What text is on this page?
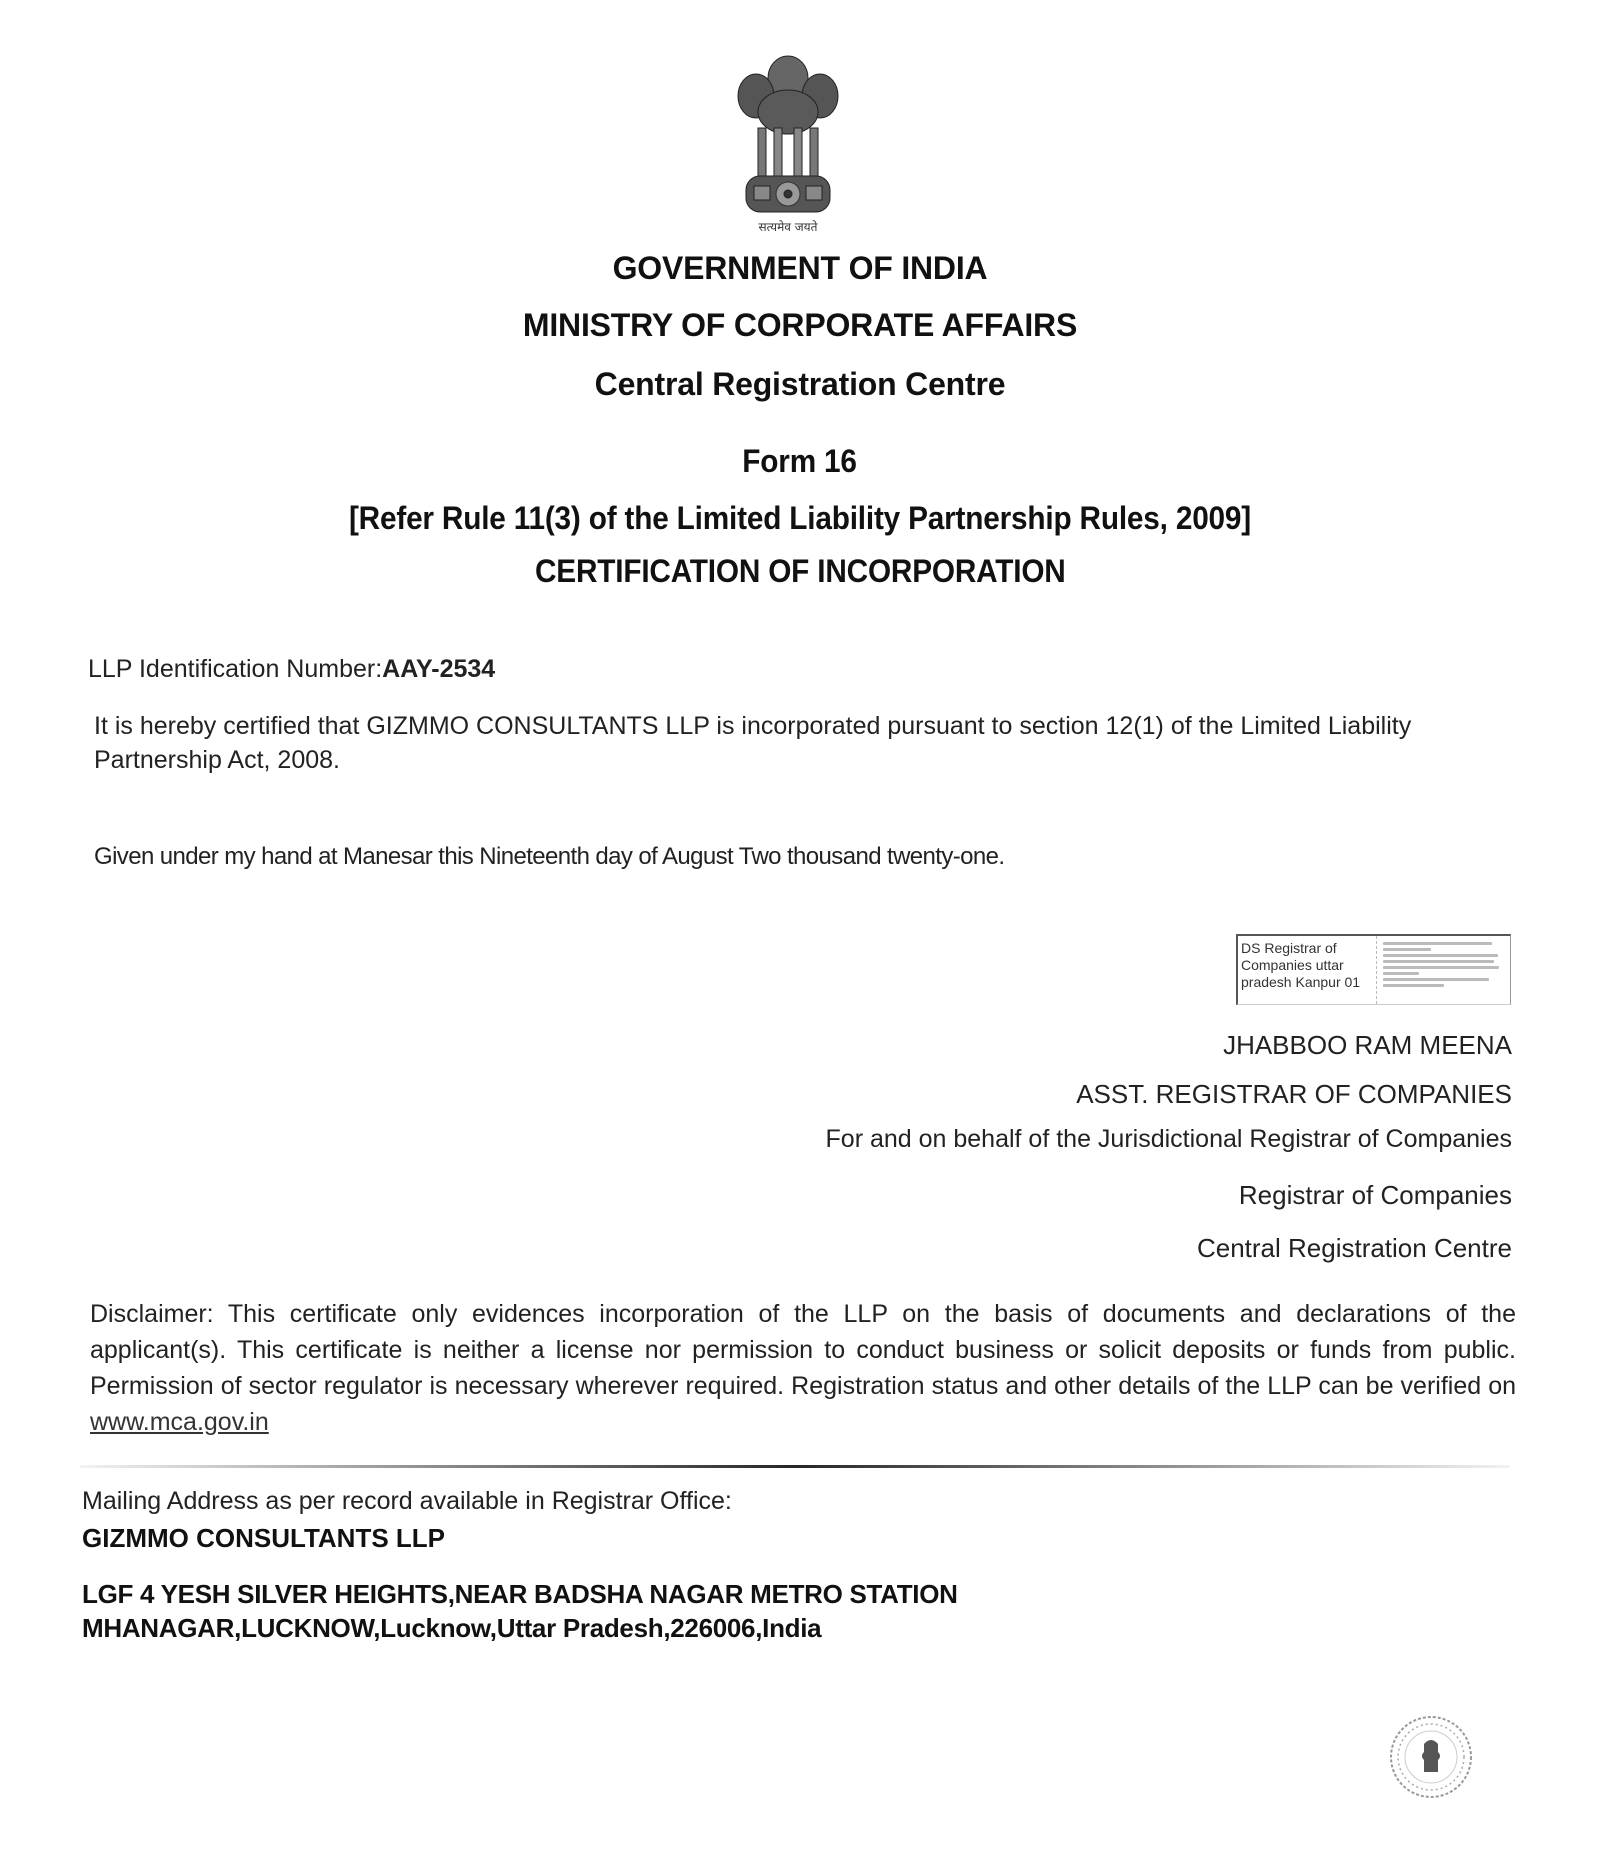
सत्यमेव जयते
GOVERNMENT OF INDIA
MINISTRY OF CORPORATE AFFAIRS
Central Registration Centre
Form 16
[Refer Rule 11(3) of the Limited Liability Partnership Rules, 2009]
CERTIFICATION OF INCORPORATION
LLP Identification Number:AAY-2534
It is hereby certified that GIZMMO CONSULTANTS LLP is incorporated pursuant to section 12(1) of the Limited Liability Partnership Act, 2008.
Given under my hand at Manesar this Nineteenth day of August Two thousand twenty-one.
DS Registrar of Companies uttar pradesh Kanpur 01
JHABBOO RAM MEENA
ASST. REGISTRAR OF COMPANIES
For and on behalf of the Jurisdictional Registrar of Companies
Registrar of Companies
Central Registration Centre
Disclaimer: This certificate only evidences incorporation of the LLP on the basis of documents and declarations of the applicant(s). This certificate is neither a license nor permission to conduct business or solicit deposits or funds from public. Permission of sector regulator is necessary wherever required. Registration status and other details of the LLP can be verified on www.mca.gov.in
Mailing Address as per record available in Registrar Office:
GIZMMO CONSULTANTS LLP
LGF 4 YESH SILVER HEIGHTS,NEAR BADSHA NAGAR METRO STATION
MHANAGAR,LUCKNOW,Lucknow,Uttar Pradesh,226006,India
